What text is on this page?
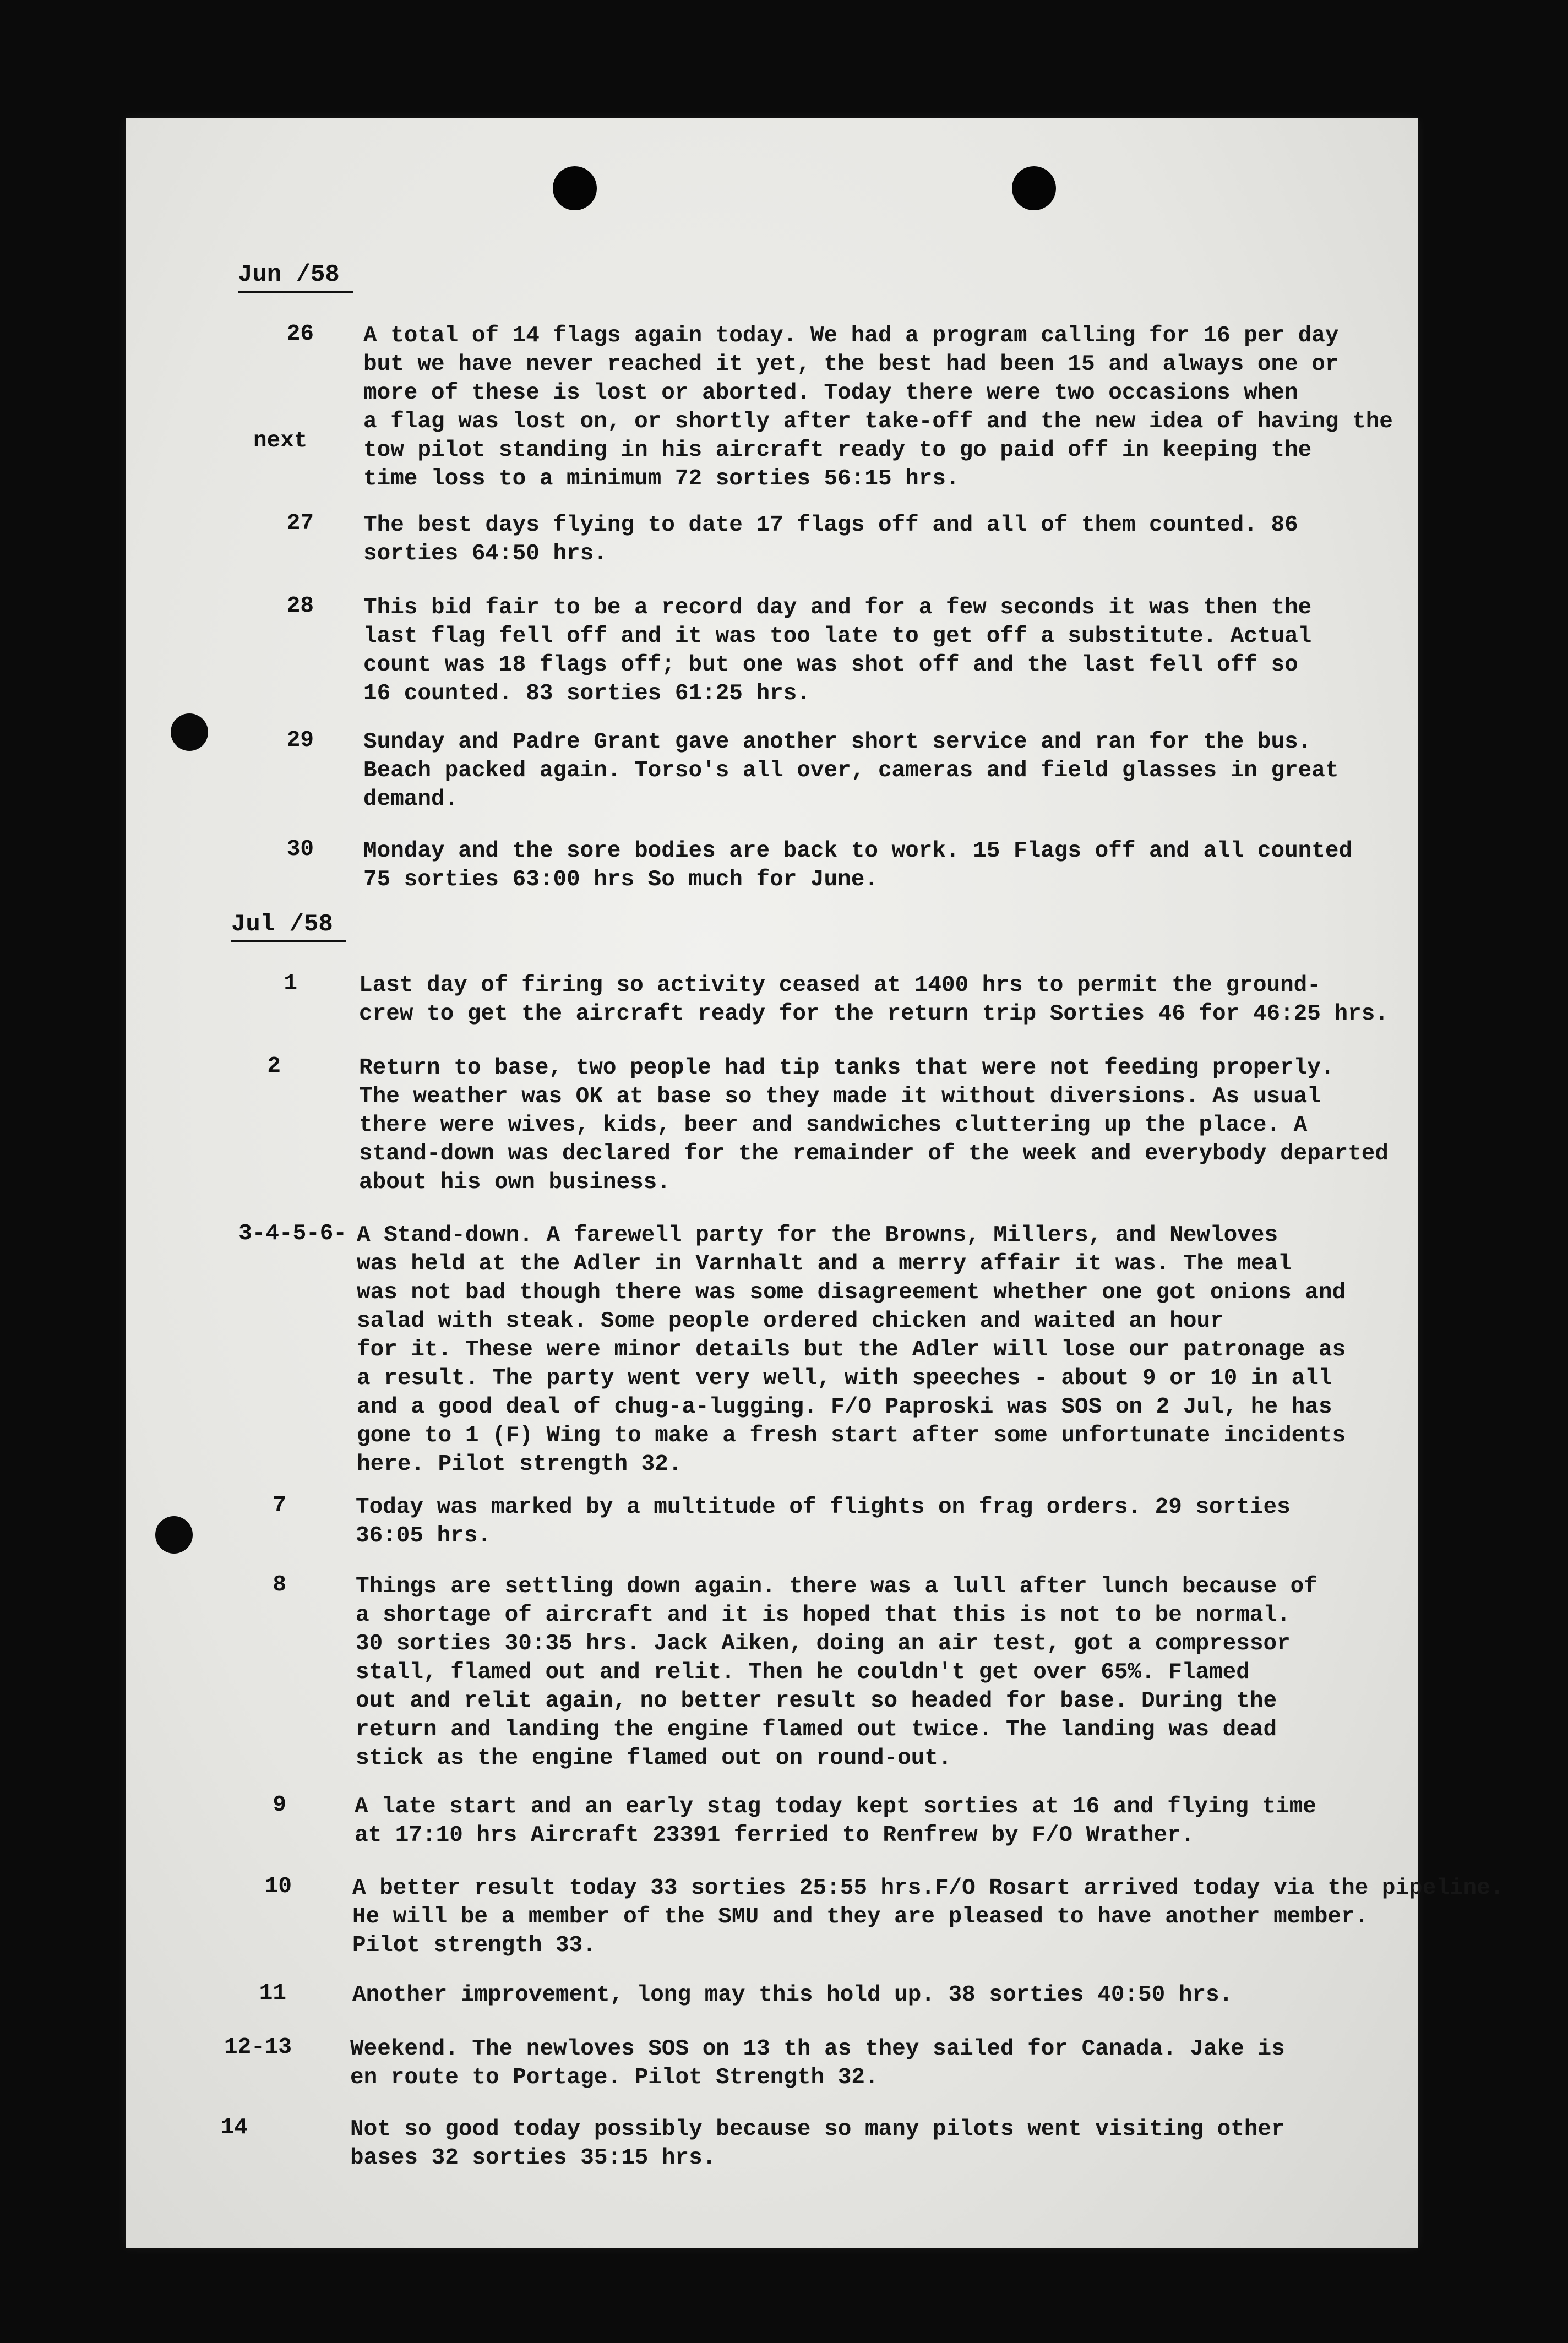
Jun /58
Jul /58
next
26 A total of 14 flags again today. We had a program calling for 16 per day
but we have never reached it yet, the best had been 15 and always one or
more of these is lost or aborted. Today there were two occasions when
a flag was lost on, or shortly after take-off and the new idea of having the
tow pilot standing in his aircraft ready to go paid off in keeping the
time loss to a minimum 72 sorties 56:15 hrs.
27 The best days flying to date 17 flags off and all of them counted. 86
sorties 64:50 hrs.
28 This bid fair to be a record day and for a few seconds it was then the
last flag fell off and it was too late to get off a substitute. Actual
count was 18 flags off; but one was shot off and the last fell off so
16 counted. 83 sorties 61:25 hrs.
29 Sunday and Padre Grant gave another short service and ran for the bus.
Beach packed again. Torso's all over, cameras and field glasses in great
demand.
30 Monday and the sore bodies are back to work. 15 Flags off and all counted
75 sorties 63:00 hrs So much for June.
1	Last day of firing so activity ceased at 1400 hrs to permit the ground-
crew to get the aircraft ready for the return trip Sorties 46 for 46:25 hrs.
2	Return to base, two people had tip tanks that were not feeding properly.
The weather was OK at base so they made it without diversions. As usual
there were wives, kids, beer and sandwiches cluttering up the place. A
stand-down was declared for the remainder of the week and everybody departed
about his own business.
3-4-5-6- A Stand-down. A farewell party for the Browns, Millers, and Newloves
was held at the Adler in Varnhalt and a merry affair it was. The meal
was not bad though there was some disagreement whether one got onions and
salad with steak. Some people ordered chicken and waited an hour
for it. These were minor details but the Adler will lose our patronage as
a result. The party went very well, with speeches - about 9 or 10 in all
and a good deal of chug-a-lugging. F/O Paproski was SOS on 2 Jul, he has
gone to 1 (F) Wing to make a fresh start after some unfortunate incidents
here. Pilot strength 32.
7	Today was marked by a multitude of flights on frag orders. 29 sorties
36:05 hrs.
8	Things are settling down again. there was a lull after lunch because of
a shortage of aircraft and it is hoped that this is not to be normal.
30 sorties 30:35 hrs. Jack Aiken, doing an air test, got a compressor
stall, flamed out and relit. Then he couldn't get over 65%. Flamed
out and relit again, no better result so headed for base. During the
return and landing the engine flamed out twice. The landing was dead
stick as the engine flamed out on round-out.
9	A late start and an early stag today kept sorties at 16 and flying time
at 17:10 hrs Aircraft 23391 ferried to Renfrew by F/O Wrather.
10	A better result today 33 sorties 25:55 hrs.F/O Rosart arrived today via the pipeline.
He will be a member of the SMU and they are pleased to have another member.
Pilot strength 33.
11	Another improvement, long may this hold up. 38 sorties 40:50 hrs.
12-13	Weekend. The newloves SOS on 13 th as they sailed for Canada. Jake is
en route to Portage. Pilot Strength 32.
14	Not so good today possibly because so many pilots went visiting other
bases 32 sorties 35:15 hrs.
